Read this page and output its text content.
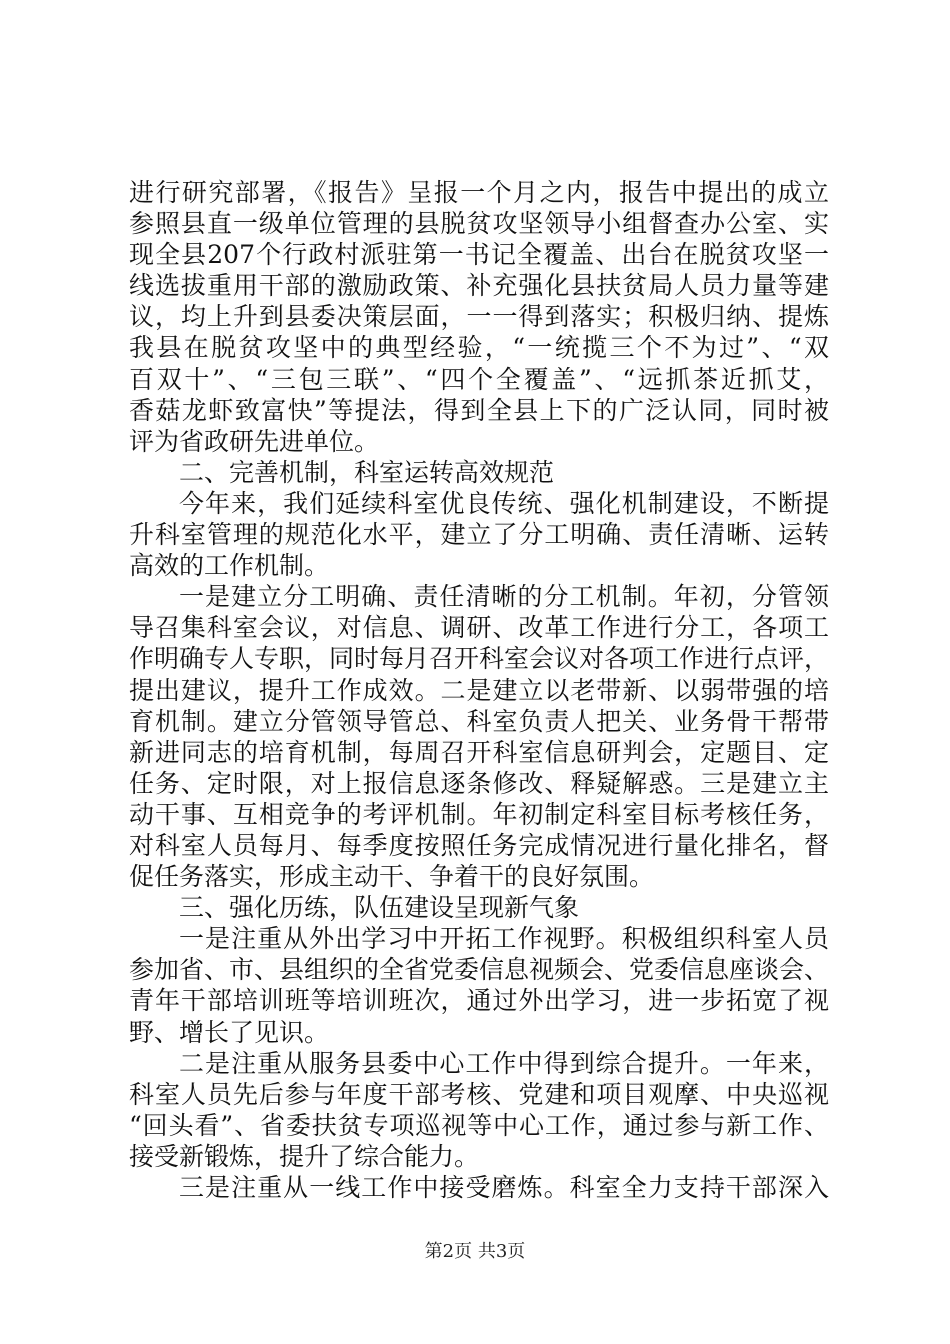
进行研究部署，《报告》呈报一个月之内，报告中提出的成立
参照县直一级单位管理的县脱贫攻坚领导小组督查办公室、实
现全县207个行政村派驻第一书记全覆盖、出台在脱贫攻坚一
线选拔重用干部的激励政策、补充强化县扶贫局人员力量等建
议，均上升到县委决策层面，一一得到落实；积极归纳、提炼
我县在脱贫攻坚中的典型经验，“一统揽三个不为过”、“双
百双十”、“三包三联”、“四个全覆盖”、“远抓茶近抓艾，
香菇龙虾致富快”等提法，得到全县上下的广泛认同，同时被
评为省政研先进单位。
二、完善机制，科室运转高效规范
今年来，我们延续科室优良传统、强化机制建设，不断提
升科室管理的规范化水平，建立了分工明确、责任清晰、运转
高效的工作机制。
一是建立分工明确、责任清晰的分工机制。年初，分管领
导召集科室会议，对信息、调研、改革工作进行分工，各项工
作明确专人专职，同时每月召开科室会议对各项工作进行点评，
提出建议，提升工作成效。二是建立以老带新、以弱带强的培
育机制。建立分管领导管总、科室负责人把关、业务骨干帮带
新进同志的培育机制，每周召开科室信息研判会，定题目、定
任务、定时限，对上报信息逐条修改、释疑解惑。三是建立主
动干事、互相竞争的考评机制。年初制定科室目标考核任务，
对科室人员每月、每季度按照任务完成情况进行量化排名，督
促任务落实，形成主动干、争着干的良好氛围。
三、强化历练，队伍建设呈现新气象
一是注重从外出学习中开拓工作视野。积极组织科室人员
参加省、市、县组织的全省党委信息视频会、党委信息座谈会、
青年干部培训班等培训班次，通过外出学习，进一步拓宽了视
野、增长了见识。
二是注重从服务县委中心工作中得到综合提升。一年来，
科室人员先后参与年度干部考核、党建和项目观摩、中央巡视
“回头看”、省委扶贫专项巡视等中心工作，通过参与新工作、
接受新锻炼，提升了综合能力。
三是注重从一线工作中接受磨炼。科室全力支持干部深入
第2页 共3页
